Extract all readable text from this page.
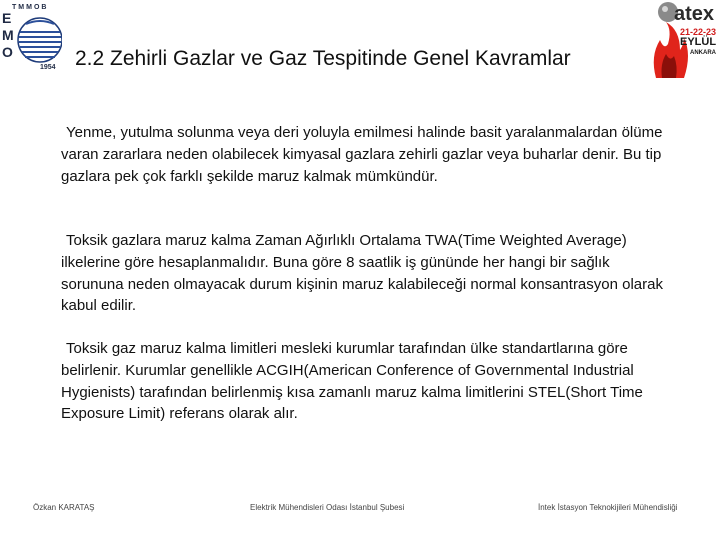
TMMOB
E
M
O
1954
atex
21-22-23
EYLÜL
ANKARA
2.2 Zehirli Gazlar ve Gaz Tespitinde Genel Kavramlar
Yenme, yutulma solunma veya deri yoluyla emilmesi halinde basit yaralanmalardan ölüme varan zararlara neden olabilecek kimyasal gazlara zehirli gazlar veya buharlar denir. Bu tip gazlara pek çok farklı şekilde maruz kalmak mümkündür.
Toksik gazlara maruz kalma Zaman Ağırlıklı Ortalama TWA(Time Weighted Average) ilkelerine göre hesaplanmalıdır. Buna göre 8 saatlik iş gününde her hangi bir sağlık sorununa neden olmayacak durum kişinin maruz kalabileceği normal konsantrasyon olarak kabul edilir.
Toksik gaz maruz kalma limitleri mesleki kurumlar tarafından ülke standartlarına göre belirlenir. Kurumlar genellikle ACGIH(American Conference of Governmental Industrial Hygienists) tarafından belirlenmiş kısa zamanlı maruz kalma limitlerini STEL(Short Time Exposure Limit) referans olarak alır.
Özkan KARATAŞ	Elektrik Mühendisleri Odası İstanbul Şubesi	İntek İstasyon Teknokijileri Mühendisliği
